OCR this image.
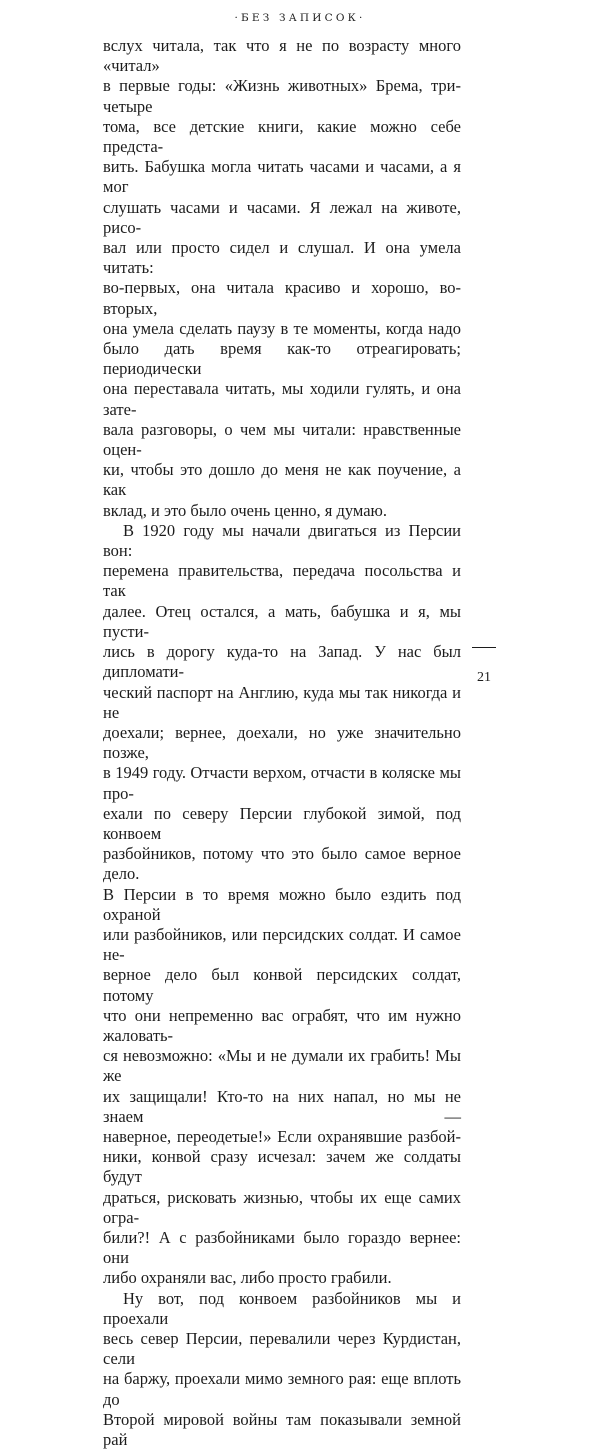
·БЕЗ ЗАПИСОК·

вслух читала, так что я не по возрасту много «читал»

в первые годы: «Жизнь животных» Брема, три-четыре

тома, все детские книги, какие можно себе предста-

вить. Бабушка могла читать часами и часами, а я мог

слушать часами и часами. Я лежал на животе, рисо-

вал или просто сидел и слушал. И она умела читать:

во-первых, она читала красиво и хорошо, во-вторых,

она умела сделать паузу в те моменты, когда надо

было дать время как-то отреагировать; периодически

она переставала читать, мы ходили гулять, и она зате-

вала разговоры, о чем мы читали: нравственные оцен-

ки, чтобы это дошло до меня не как поучение, а как

вклад, и это было очень ценно, я думаю.

В 1920 году мы начали двигаться из Персии вон:

перемена правительства, передача посольства и так

далее. Отец остался, а мать, бабушка и я, мы пусти-

лись в дорогу куда-то на Запад. У нас был дипломати-

ческий паспорт на Англию, куда мы так никогда и не

доехали; вернее, доехали, но уже значительно позже,

в 1949 году. Отчасти верхом, отчасти в коляске мы про-

ехали по северу Персии глубокой зимой, под конвоем

разбойников, потому что это было самое верное дело.

В Персии в то время можно было ездить под охраной

или разбойников, или персидских солдат. И самое не-

верное дело был конвой персидских солдат, потому

что они непременно вас ограбят, что им нужно жаловать-

ся невозможно: «Мы и не думали их грабить! Мы же

их защищали! Кто-то на них напал, но мы не знаем —

наверное, переодетые!» Если охранявшие разбой-

ники, конвой сразу исчезал: зачем же солдаты будут

драться, рисковать жизнью, чтобы их еще самих огра-

били?! А с разбойниками было гораздо вернее: они

либо охраняли вас, либо просто грабили.

Ну вот, под конвоем разбойников мы и проехали

весь север Персии, перевалили через Курдистан, сели

на баржу, проехали мимо земного рая: еще вплоть до

Второй мировой войны там показывали земной рай

21
